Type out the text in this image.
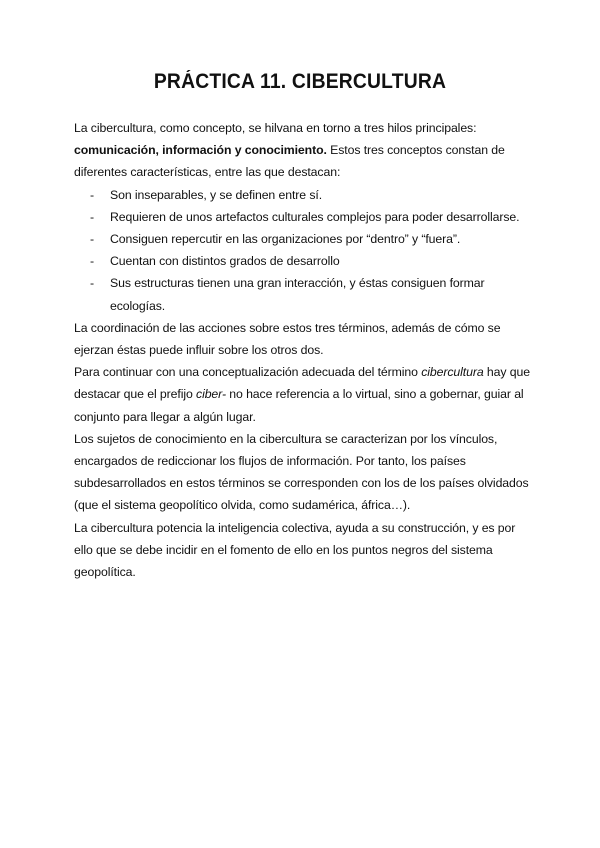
PRÁCTICA 11. CIBERCULTURA

La cibercultura, como concepto, se hilvana en torno a tres hilos principales: comunicación, información y conocimiento. Estos tres conceptos constan de diferentes características, entre las que destacan:

- Son inseparables, y se definen entre sí.
- Requieren de unos artefactos culturales complejos para poder desarrollarse.
- Consiguen repercutir en las organizaciones por “dentro” y “fuera”.
- Cuentan con distintos grados de desarrollo
- Sus estructuras tienen una gran interacción, y éstas consiguen formar ecologías.

La coordinación de las acciones sobre estos tres términos, además de cómo se ejerzan éstas puede influir sobre los otros dos.

Para continuar con una conceptualización adecuada del término cibercultura hay que destacar que el prefijo ciber- no hace referencia a lo virtual, sino a gobernar, guiar al conjunto para llegar a algún lugar.

Los sujetos de conocimiento en la cibercultura se caracterizan por los vínculos, encargados de rediccionar los flujos de información. Por tanto, los países subdesarrollados en estos términos se corresponden con los de los países olvidados (que el sistema geopolítico olvida, como sudamérica, áfrica…).

La cibercultura potencia la inteligencia colectiva, ayuda a su construcción, y es por ello que se debe incidir en el fomento de ello en los puntos negros del sistema geopolítica.
